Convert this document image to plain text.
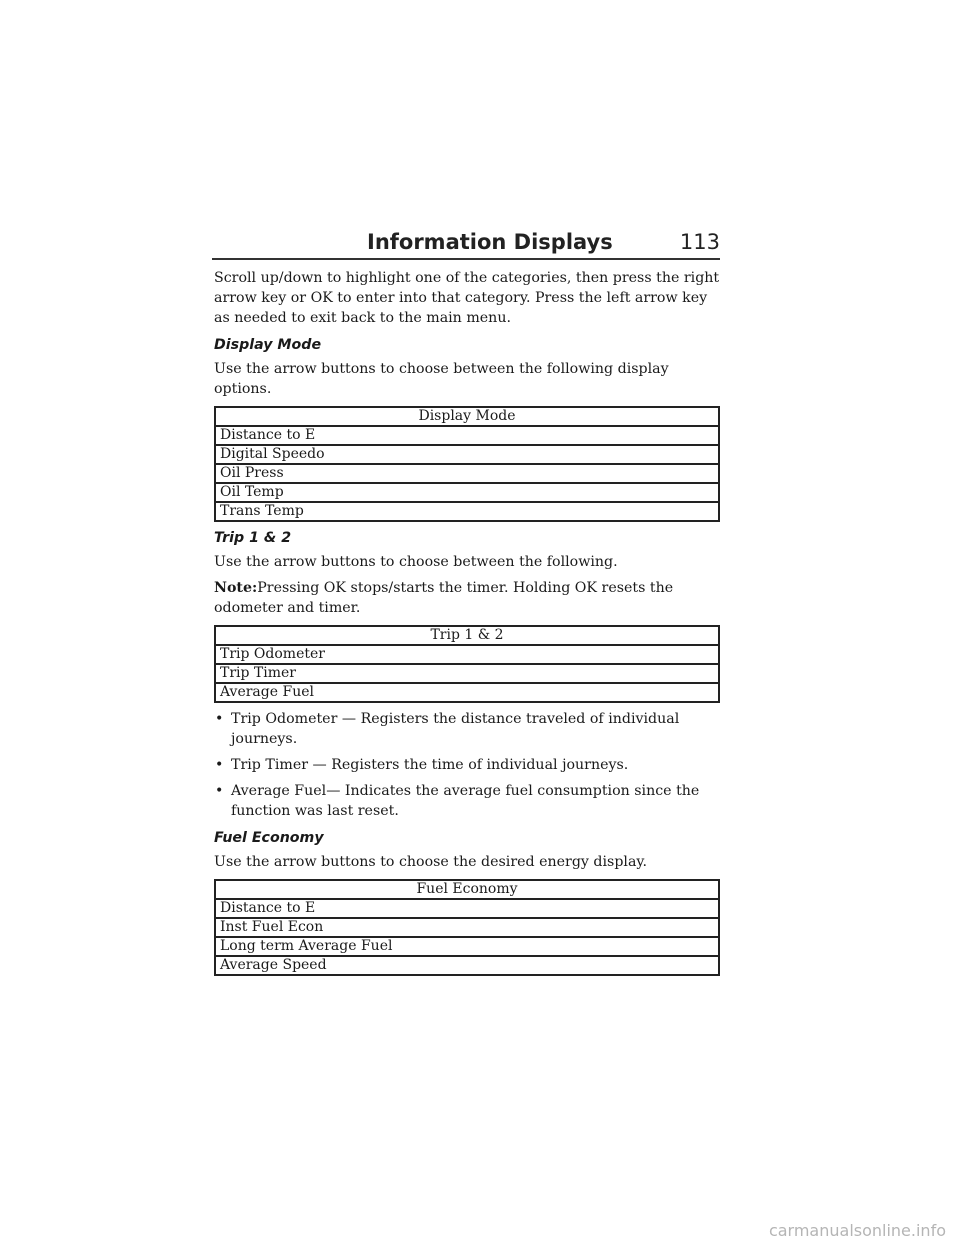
Information Displays	113

Scroll up/down to highlight one of the categories, then press the right arrow key or OK to enter into that category. Press the left arrow key as needed to exit back to the main menu.

Display Mode

Use the arrow buttons to choose between the following display options.

Display Mode
Distance to E
Digital Speedo
Oil Press
Oil Temp
Trans Temp
Trip 1 & 2

Use the arrow buttons to choose between the following.

Note:Pressing OK stops/starts the timer. Holding OK resets the odometer and timer.

Trip 1 & 2
Trip Odometer
Trip Timer
Average Fuel
• Trip Odometer — Registers the distance traveled of individual journeys.
• Trip Timer — Registers the time of individual journeys.
• Average Fuel— Indicates the average fuel consumption since the function was last reset.
Fuel Economy

Use the arrow buttons to choose the desired energy display.

Fuel Economy
Distance to E
Inst Fuel Econ
Long term Average Fuel
Average Speed
carmanualsonline.info
